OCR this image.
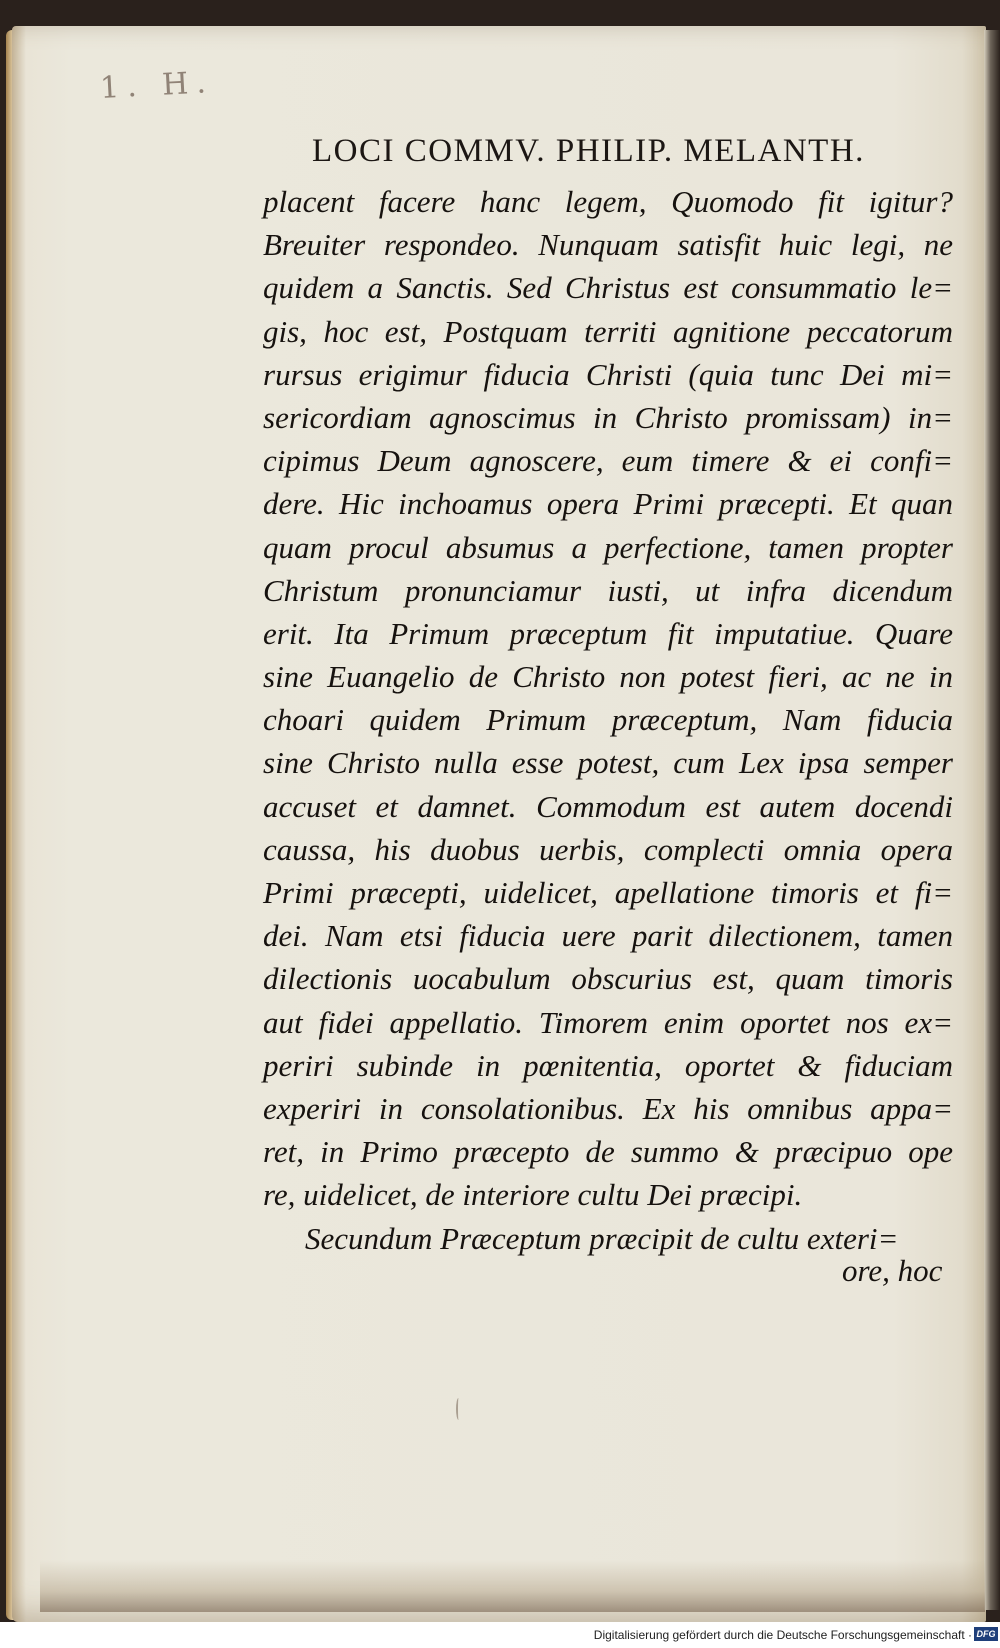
1. H.
LOCI COMMV. PHILIP. MELANTH.
placent facere hanc legem, Quomodo fit igitur?
Breuiter respondeo. Nunquam satisfit huic legi, ne
quidem a Sanctis. Sed Christus est consummatio le=
gis, hoc est, Postquam territi agnitione peccatorum
rursus erigimur fiducia Christi (quia tunc Dei mi=
sericordiam agnoscimus in Christo promissam) in=
cipimus Deum agnoscere, eum timere & ei confi=
dere. Hic inchoamus opera Primi præcepti. Et quan
quam procul absumus a perfectione, tamen propter
Christum pronunciamur iusti, ut infra dicendum
erit. Ita Primum præceptum fit imputatiue. Quare
sine Euangelio de Christo non potest fieri, ac ne in
choari quidem Primum præceptum, Nam fiducia
sine Christo nulla esse potest, cum Lex ipsa semper
accuset et damnet. Commodum est autem docendi
caussa, his duobus uerbis, complecti omnia opera
Primi præcepti, uidelicet, apellatione timoris et fi=
dei. Nam etsi fiducia uere parit dilectionem, tamen
dilectionis uocabulum obscurius est, quam timoris
aut fidei appellatio. Timorem enim oportet nos ex=
periri subinde in pœnitentia, oportet & fiduciam
experiri in consolationibus. Ex his omnibus appa=
ret, in Primo præcepto de summo & præcipuo ope
re, uidelicet, de interiore cultu Dei præcipi.
Secundum Præceptum præcipit de cultu exteri=
ore, hoc
Digitalisierung gefördert durch die Deutsche Forschungsgemeinschaft · DFG
